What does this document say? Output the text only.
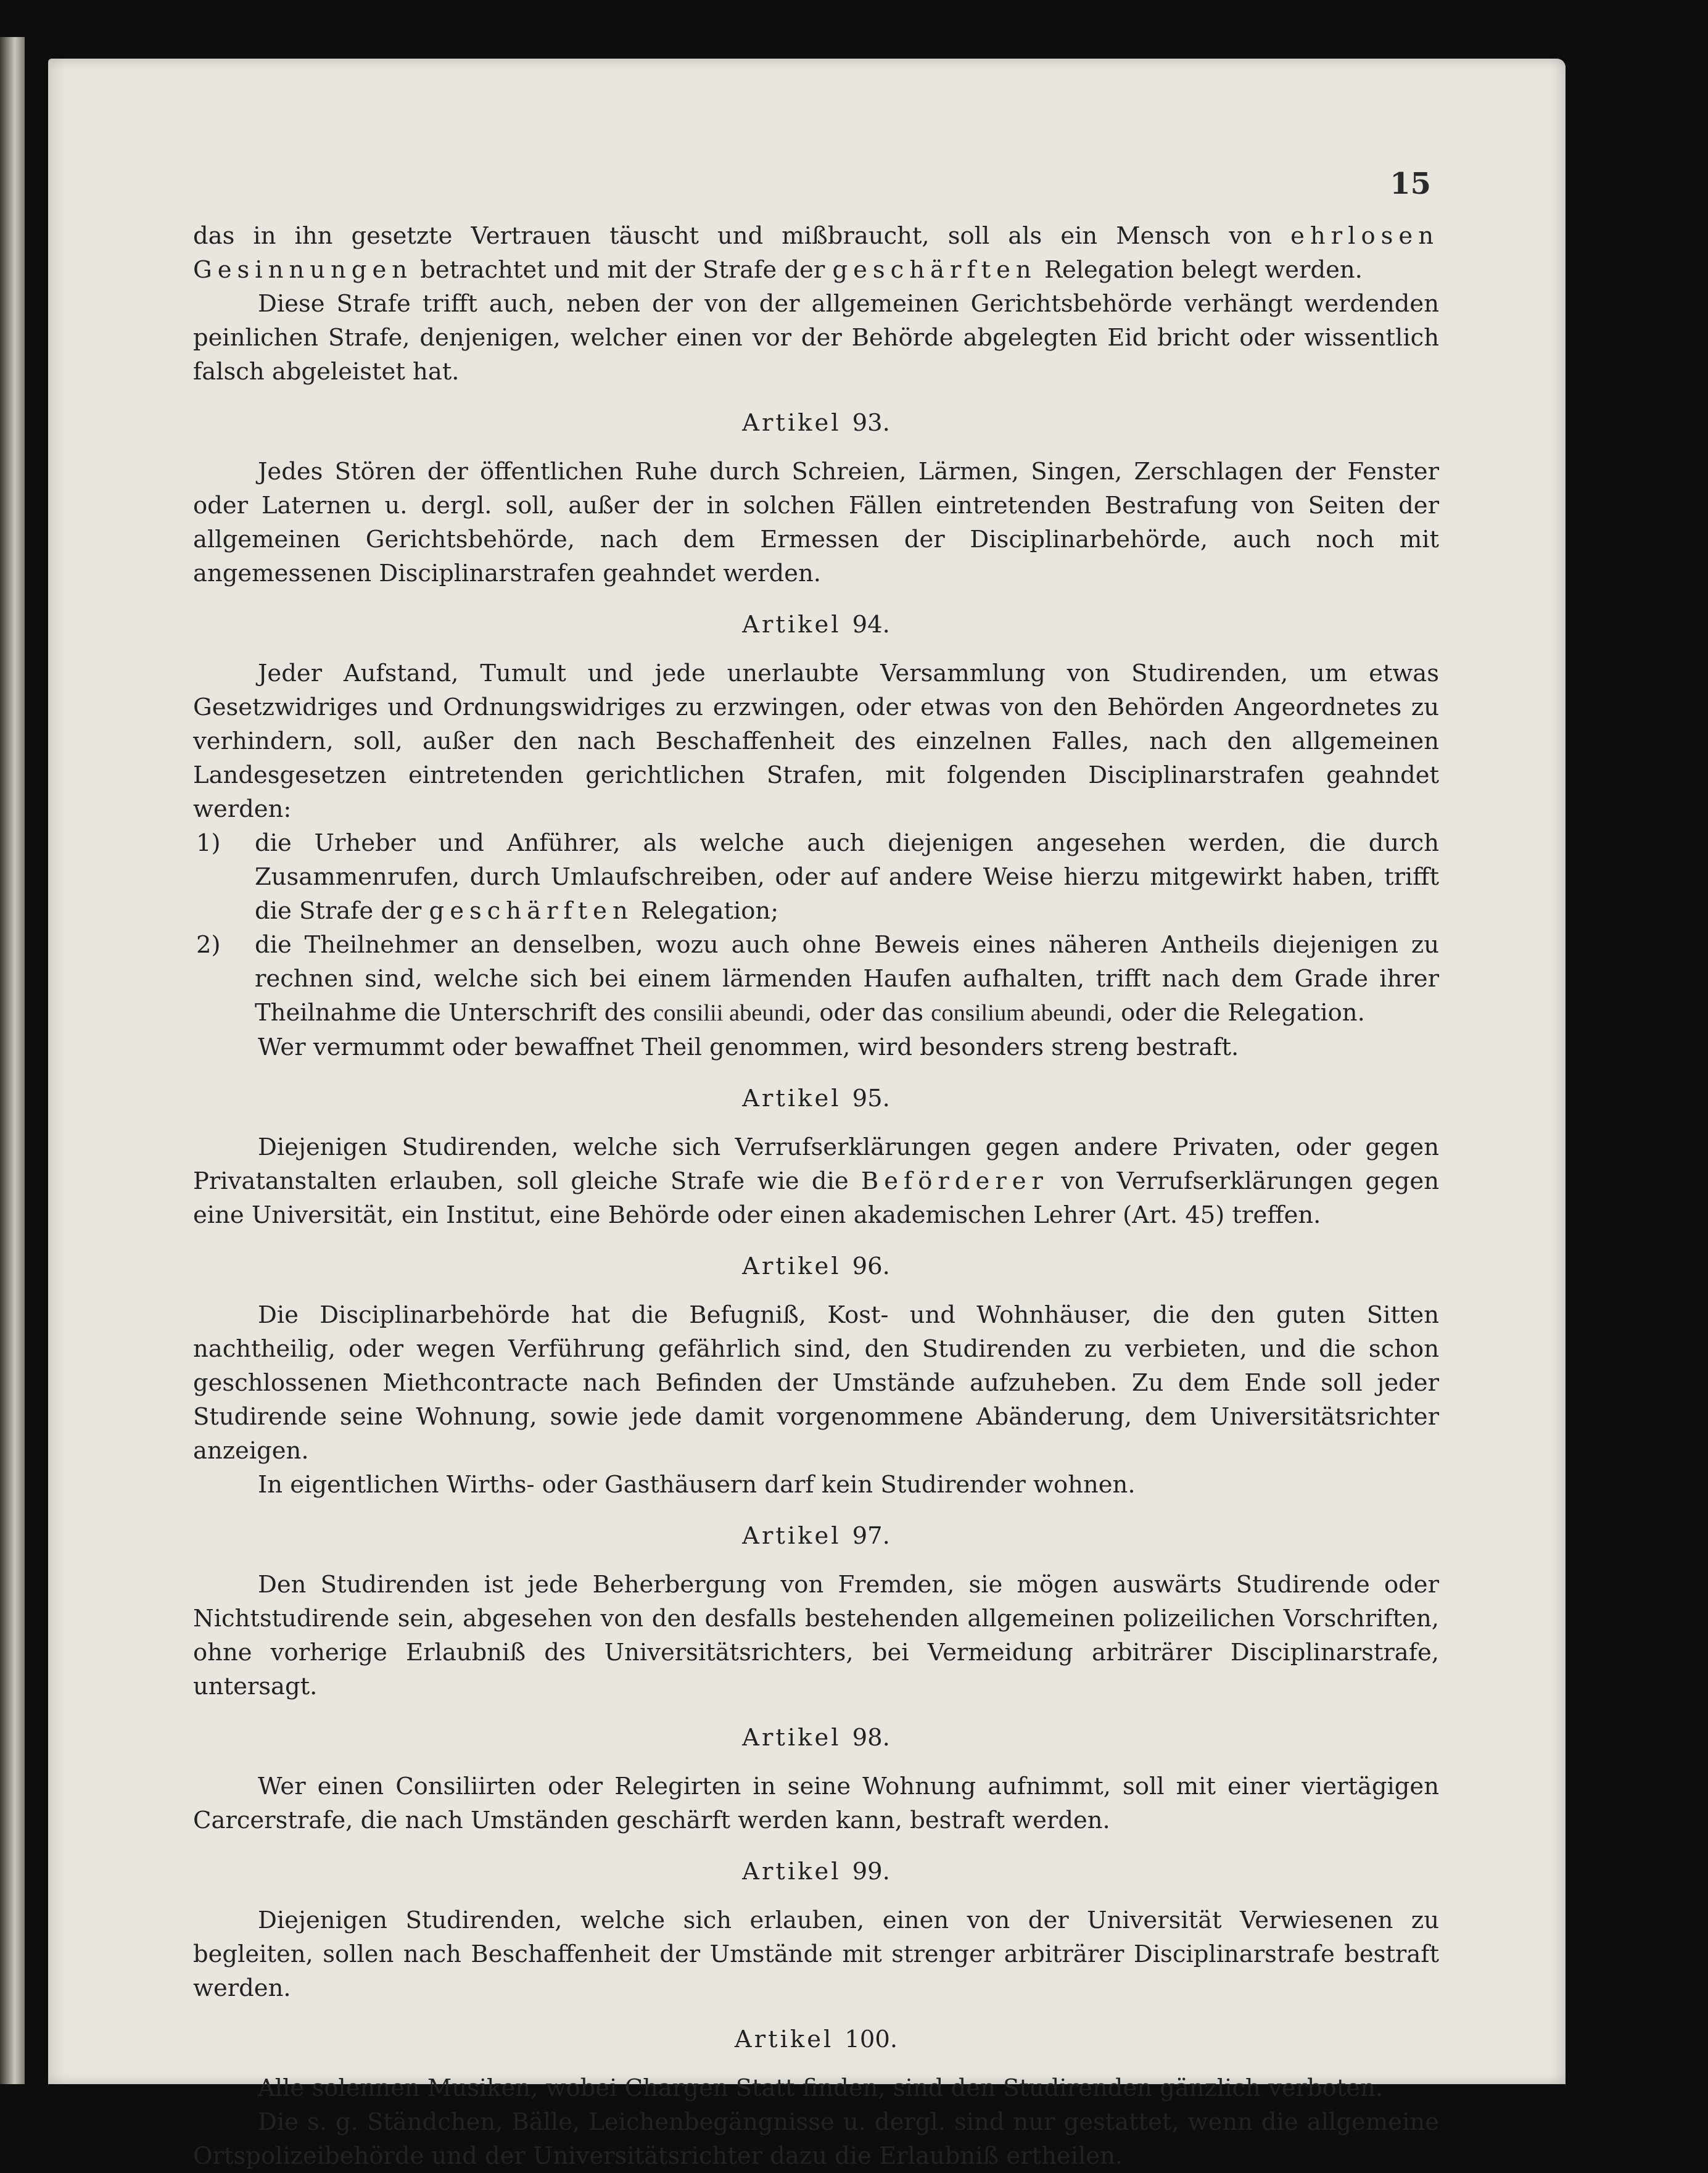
15

das in ihn gesetzte Vertrauen täuscht und mißbraucht, soll als ein Mensch von ehrlosen Gesinnungen betrachtet und mit der Strafe der geschärften Relegation belegt werden.

Diese Strafe trifft auch, neben der von der allgemeinen Gerichtsbehörde verhängt werdenden peinlichen Strafe, denjenigen, welcher einen vor der Behörde abgelegten Eid bricht oder wissentlich falsch abgeleistet hat.

Artikel 93.

Jedes Stören der öffentlichen Ruhe durch Schreien, Lärmen, Singen, Zerschlagen der Fenster oder Laternen u. dergl. soll, außer der in solchen Fällen eintretenden Bestrafung von Seiten der allgemeinen Gerichtsbehörde, nach dem Ermessen der Disciplinarbehörde, auch noch mit angemessenen Disciplinarstrafen geahndet werden.

Artikel 94.

Jeder Aufstand, Tumult und jede unerlaubte Versammlung von Studirenden, um etwas Gesetzwidriges und Ordnungswidriges zu erzwingen, oder etwas von den Behörden Angeordnetes zu verhindern, soll, außer den nach Beschaffenheit des einzelnen Falles, nach den allgemeinen Landesgesetzen eintretenden gerichtlichen Strafen, mit folgenden Disciplinarstrafen geahndet werden:

1)	die Urheber und Anführer, als welche auch diejenigen angesehen werden, die durch Zusammenrufen, durch Umlaufschreiben, oder auf andere Weise hierzu mitgewirkt haben, trifft die Strafe der geschärften Relegation;
2)	die Theilnehmer an denselben, wozu auch ohne Beweis eines näheren Antheils diejenigen zu rechnen sind, welche sich bei einem lärmenden Haufen aufhalten, trifft nach dem Grade ihrer Theilnahme die Unterschrift des consilii abeundi, oder das consilium abeundi, oder die Relegation.

Wer vermummt oder bewaffnet Theil genommen, wird besonders streng bestraft.

Artikel 95.

Diejenigen Studirenden, welche sich Verrufserklärungen gegen andere Privaten, oder gegen Privatanstalten erlauben, soll gleiche Strafe wie die Beförderer von Verrufserklärungen gegen eine Universität, ein Institut, eine Behörde oder einen akademischen Lehrer (Art. 45) treffen.

Artikel 96.

Die Disciplinarbehörde hat die Befugniß, Kost- und Wohnhäuser, die den guten Sitten nachtheilig, oder wegen Verführung gefährlich sind, den Studirenden zu verbieten, und die schon geschlossenen Miethcontracte nach Befinden der Umstände aufzuheben. Zu dem Ende soll jeder Studirende seine Wohnung, sowie jede damit vorgenommene Abänderung, dem Universitätsrichter anzeigen.

In eigentlichen Wirths- oder Gasthäusern darf kein Studirender wohnen.

Artikel 97.

Den Studirenden ist jede Beherbergung von Fremden, sie mögen auswärts Studirende oder Nichtstudirende sein, abgesehen von den desfalls bestehenden allgemeinen polizeilichen Vorschriften, ohne vorherige Erlaubniß des Universitätsrichters, bei Vermeidung arbiträrer Disciplinarstrafe, untersagt.

Artikel 98.

Wer einen Consiliirten oder Relegirten in seine Wohnung aufnimmt, soll mit einer viertägigen Carcerstrafe, die nach Umständen geschärft werden kann, bestraft werden.

Artikel 99.

Diejenigen Studirenden, welche sich erlauben, einen von der Universität Verwiesenen zu begleiten, sollen nach Beschaffenheit der Umstände mit strenger arbiträrer Disciplinarstrafe bestraft werden.

Artikel 100.

Alle solennen Musiken, wobei Chargen Statt finden, sind den Studirenden gänzlich verboten.

Die s. g. Ständchen, Bälle, Leichenbegängnisse u. dergl. sind nur gestattet, wenn die allgemeine Ortspolizeibehörde und der Universitätsrichter dazu die Erlaubniß ertheilen.
